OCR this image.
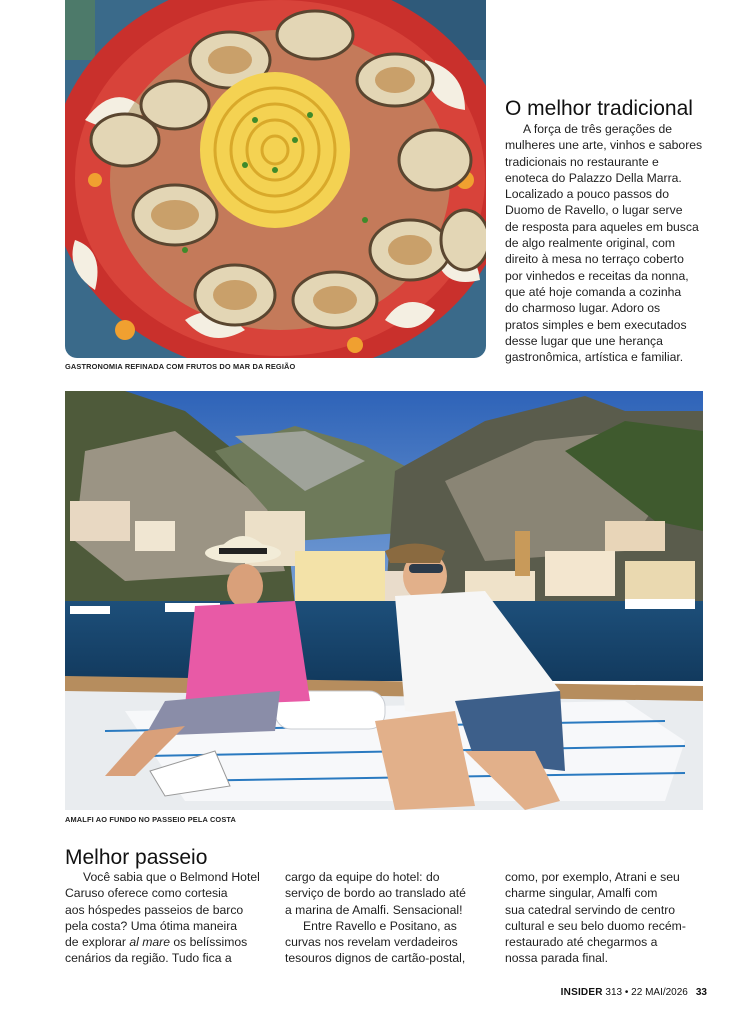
GASTRONOMIA REFINADA COM FRUTOS DO MAR DA REGIÃO
O melhor tradicional

A força de três gerações de
mulheres une arte, vinhos e sabores
tradicionais no restaurante e
enoteca do Palazzo Della Marra.
Localizado a pouco passos do
Duomo de Ravello, o lugar serve
de resposta para aqueles em busca
de algo realmente original, com
direito à mesa no terraço coberto
por vinhedos e receitas da nonna,
que até hoje comanda a cozinha
do charmoso lugar. Adoro os
pratos simples e bem executados
desse lugar que une herança
gastronômica, artística e familiar.

AMALFI AO FUNDO NO PASSEIO PELA COSTA
Melhor passeio

Você sabia que o Belmond Hotel
Caruso oferece como cortesia
aos hóspedes passeios de barco
pela costa? Uma ótima maneira
de explorar al mare os belíssimos
cenários da região. Tudo fica a

cargo da equipe do hotel: do
serviço de bordo ao translado até
a marina de Amalfi. Sensacional!
Entre Ravello e Positano, as
curvas nos revelam verdadeiros
tesouros dignos de cartão-postal,

como, por exemplo, Atrani e seu
charme singular, Amalfi com
sua catedral servindo de centro
cultural e seu belo duomo recém-
restaurado até chegarmos a
nossa parada final.

INSIDER 313 • 22 MAI/2026 33
